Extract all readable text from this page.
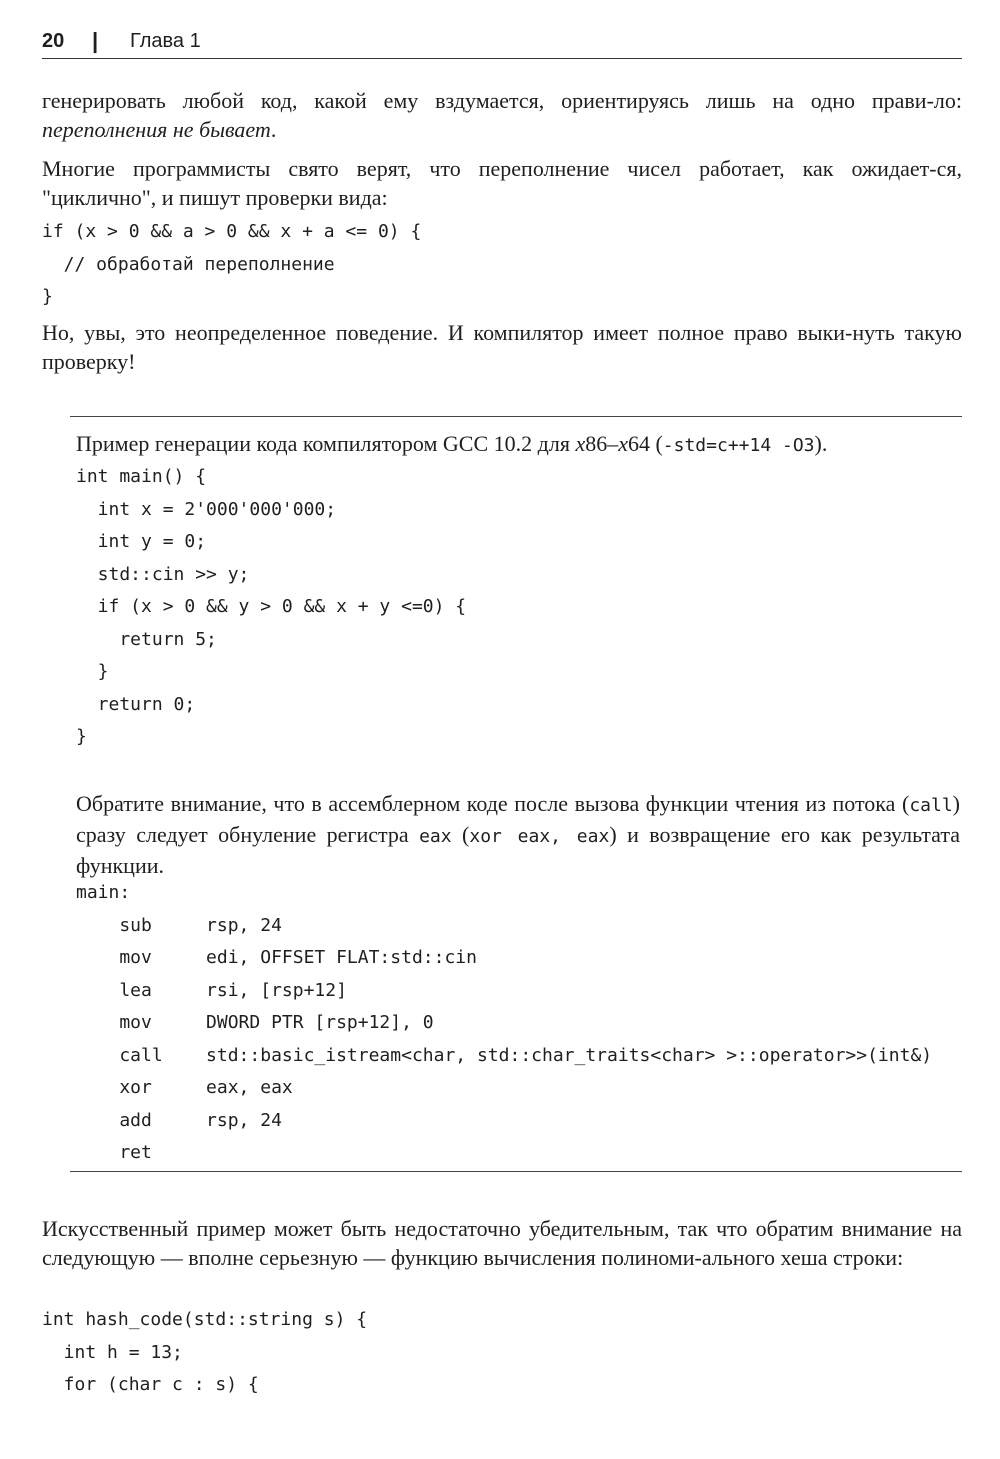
20 | Глава 1

генерировать любой код, какой ему вздумается, ориентируясь лишь на одно прави-ло: переполнения не бывает.

Многие программисты свято верят, что переполнение чисел работает, как ожидает-ся, "циклично", и пишут проверки вида:

if (x > 0 && a > 0 && x + a <= 0) {
// обработай переполнение
}

Но, увы, это неопределенное поведение. И компилятор имеет полное право выки-нуть такую проверку!

Пример генерации кода компилятором GCC 10.2 для x86–x64 (-std=c++14 -O3).

int main() {
int x = 2'000'000'000;
int y = 0;
std::cin >> y;
if (x > 0 && y > 0 && x + y <=0) {
return 5;
}
return 0;
}

Обратите внимание, что в ассемблерном коде после вызова функции чтения из потока (call) сразу следует обнуление регистра eax (xor eax, eax) и возвращение его как результата функции.

main:
sub     rsp, 24
mov     edi, OFFSET FLAT:std::cin
lea     rsi, [rsp+12]
mov     DWORD PTR [rsp+12], 0
call    std::basic_istream<char, std::char_traits<char> >::operator>>(int&)
xor     eax, eax
add     rsp, 24
ret

Искусственный пример может быть недостаточно убедительным, так что обратим внимание на следующую — вполне серьезную — функцию вычисления полиноми-ального хеша строки:

int hash_code(std::string s) {
int h = 13;
for (char c : s) {
